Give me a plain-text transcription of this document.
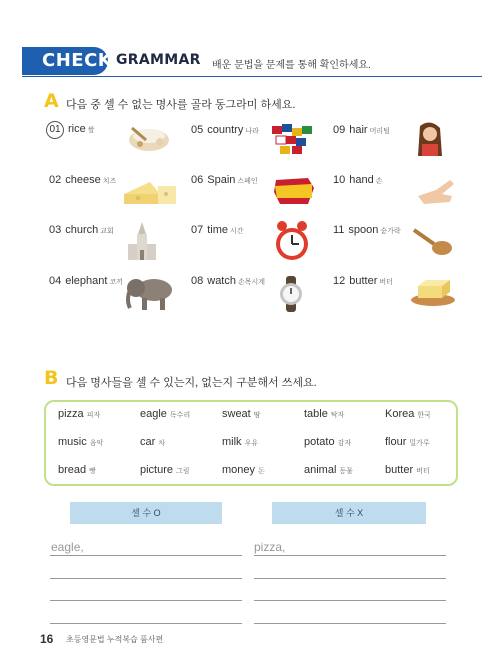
CHECK GRAMMAR 배운 문법을 문제를 통해 확인하세요.
A 다음 중 셀 수 없는 명사를 골라 동그라미 하세요.
01 rice 쌀
02 cheese 치즈
03 church 교회
04 elephant 코끼
05 country 나라
06 Spain 스페인
07 time 시간
08 watch 손목시계
09 hair 머리털
10 hand 손
11 spoon 숟가락
12 butter 버터
B 다음 명사들을 셀 수 있는지, 없는지 구분해서 쓰세요.
pizza 피자	eagle 독수리	sweat 땀	table 탁자	Korea 한국
music 음악	car 차	milk 우유	potato 감자	flour 밀가루
bread 빵	picture 그림	money 돈	animal 동물	butter 버터
셀 수 O	셀 수 X
eagle,	pizza,
16 초등영문법 누적복습 품사편
